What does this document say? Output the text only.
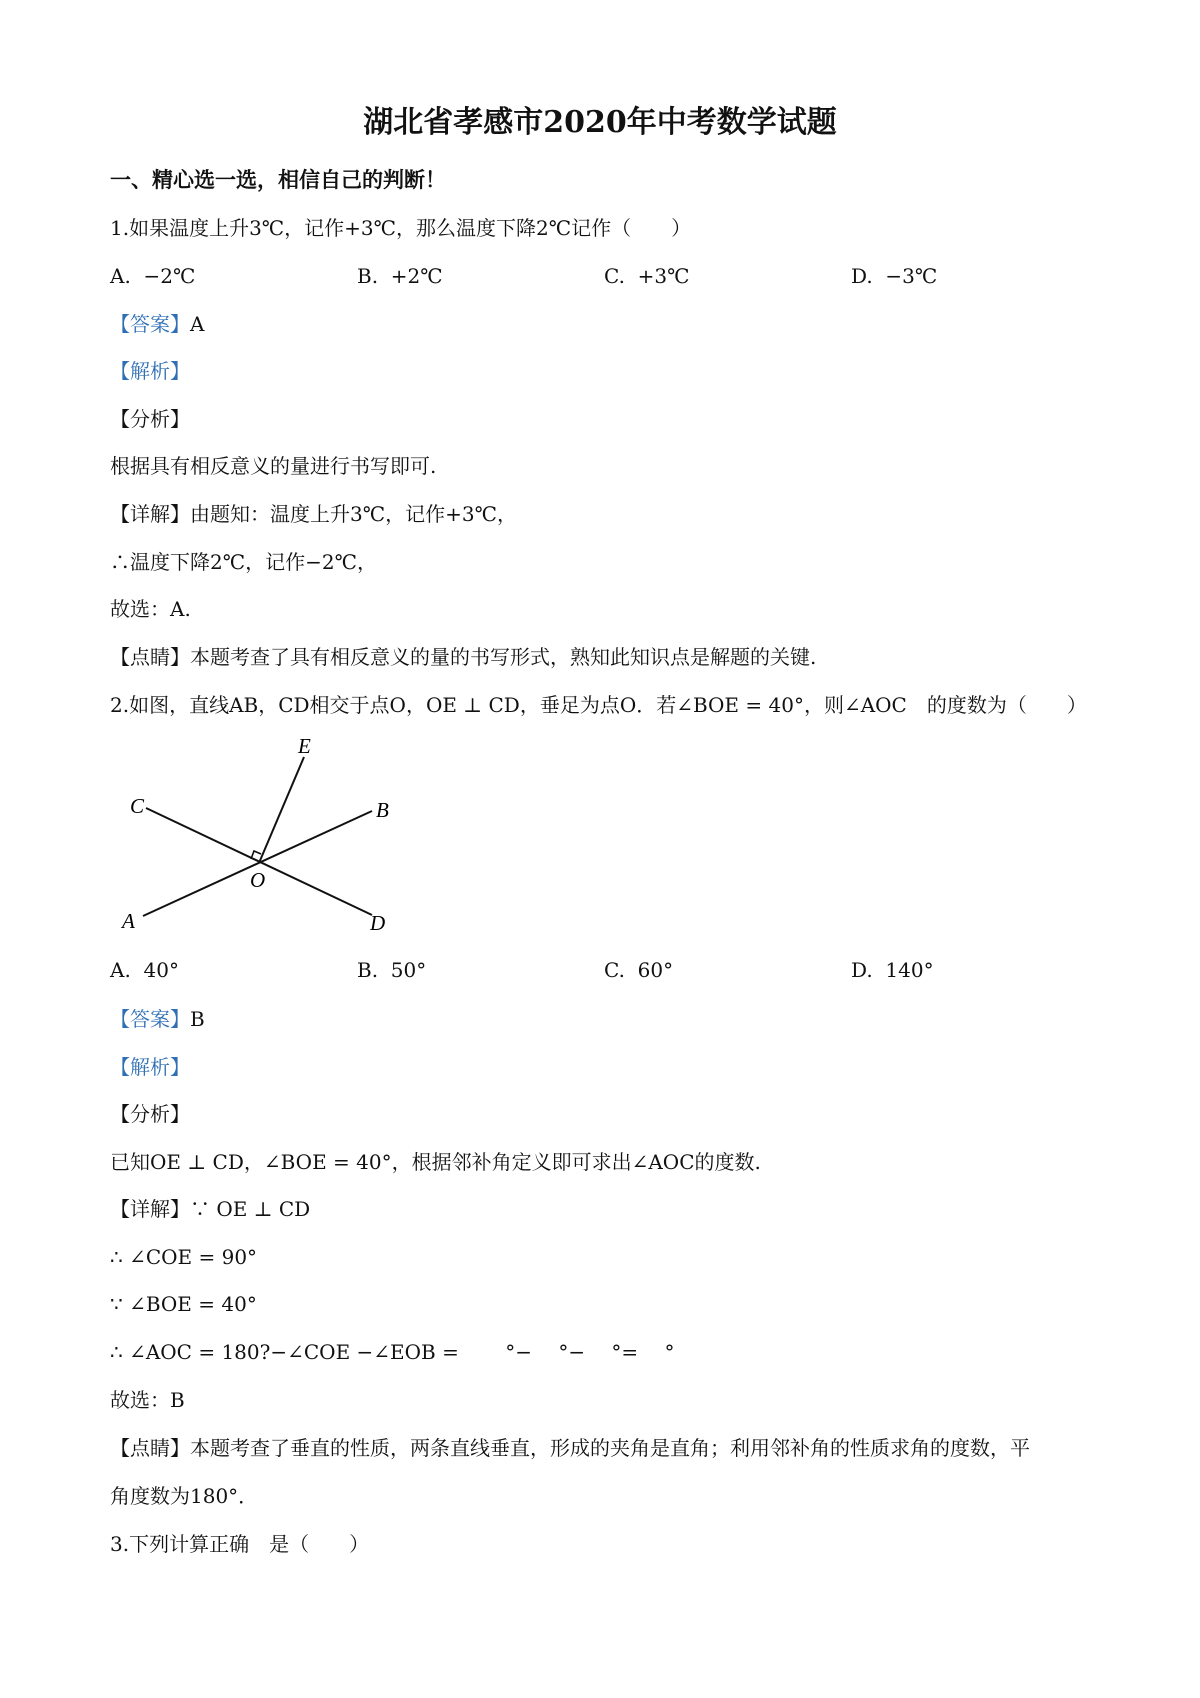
湖北省孝感市2020年中考数学试题
一、精心选一选，相信自己的判断！
1.如果温度上升3℃，记作+3℃，那么温度下降2℃记作（　　）
A.  −2℃	B.  +2℃	C.  +3℃	D.  −3℃
【答案】A
【解析】
【分析】
根据具有相反意义的量进行书写即可.
【详解】由题知：温度上升3℃，记作+3℃，
∴温度下降2℃，记作−2℃，
故选：A.
【点睛】本题考查了具有相反意义的量的书写形式，熟知此知识点是解题的关键.
2.如图，直线AB，CD相交于点O，OE ⊥ CD，垂足为点O．若∠BOE = 40°，则∠AOC　的度数为（　　）
E
C	B
O
A	D
A.  40°	B.  50°	C.  60°	D.  140°
【答案】B
【解析】
【分析】
已知OE ⊥ CD，∠BOE = 40°，根据邻补角定义即可求出∠AOC的度数.
【详解】∵ OE ⊥ CD
∴ ∠COE = 90°
∵ ∠BOE = 40°
∴ ∠AOC = 180?−∠COE −∠EOB = 　　°−　 °−　 °=　 °
故选：B
【点睛】本题考查了垂直的性质，两条直线垂直，形成的夹角是直角；利用邻补角的性质求角的度数，平
角度数为180°．
3.下列计算正确　是（　　）
